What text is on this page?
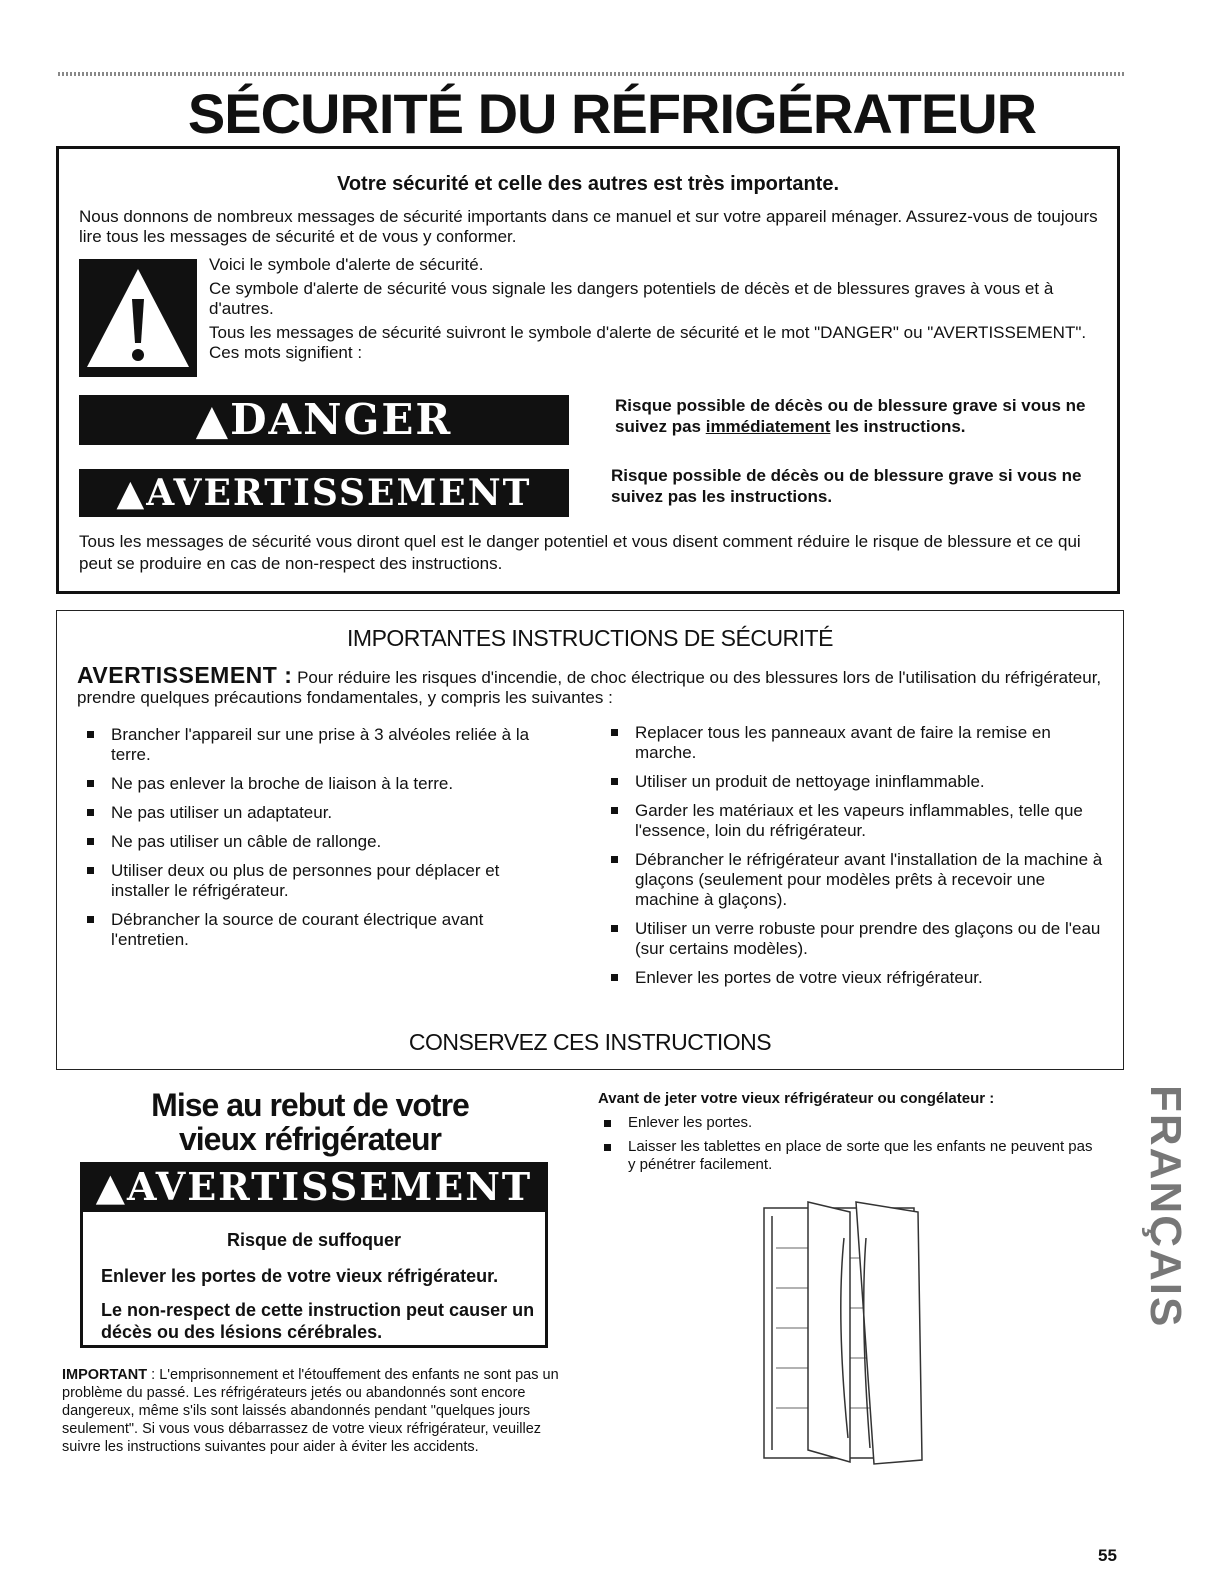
SÉCURITÉ DU RÉFRIGÉRATEUR
Votre sécurité et celle des autres est très importante.
Nous donnons de nombreux messages de sécurité importants dans ce manuel et sur votre appareil ménager. Assurez-vous de toujours lire tous les messages de sécurité et de vous y conformer.

Voici le symbole d'alerte de sécurité.

Ce symbole d'alerte de sécurité vous signale les dangers potentiels de décès et de blessures graves à vous et à d'autres.

Tous les messages de sécurité suivront le symbole d'alerte de sécurité et le mot "DANGER" ou "AVERTISSEMENT". Ces mots signifient :

▲DANGER	Risque possible de décès ou de blessure grave si vous ne suivez pas immédiatement les instructions.
▲AVERTISSEMENT	Risque possible de décès ou de blessure grave si vous ne suivez pas les instructions.
Tous les messages de sécurité vous diront quel est le danger potentiel et vous disent comment réduire le risque de blessure et ce qui peut se produire en cas de non-respect des instructions.
IMPORTANTES INSTRUCTIONS DE SÉCURITÉ
AVERTISSEMENT : Pour réduire les risques d'incendie, de choc électrique ou des blessures lors de l'utilisation du réfrigérateur, prendre quelques précautions fondamentales, y compris les suivantes :
Brancher l'appareil sur une prise à 3 alvéoles reliée à la terre.
Ne pas enlever la broche de liaison à la terre.
Ne pas utiliser un adaptateur.
Ne pas utiliser un câble de rallonge.
Utiliser deux ou plus de personnes pour déplacer et installer le réfrigérateur.
Débrancher la source de courant électrique avant l'entretien.
Replacer tous les panneaux avant de faire la remise en marche.
Utiliser un produit de nettoyage ininflammable.
Garder les matériaux et les vapeurs inflammables, telle que l'essence, loin du réfrigérateur.
Débrancher le réfrigérateur avant l'installation de la machine à glaçons (seulement pour modèles prêts à recevoir une machine à glaçons).
Utiliser un verre robuste pour prendre des glaçons ou de l'eau (sur certains modèles).
Enlever les portes de votre vieux réfrigérateur.
CONSERVEZ CES INSTRUCTIONS
Mise au rebut de votre
vieux réfrigérateur
▲AVERTISSEMENT
Risque de suffoquer
Enlever les portes de votre vieux réfrigérateur.
Le non-respect de cette instruction peut causer un décès ou des lésions cérébrales.
IMPORTANT : L'emprisonnement et l'étouffement des enfants ne sont pas un problème du passé. Les réfrigérateurs jetés ou abandonnés sont encore dangereux, même s'ils sont laissés abandonnés pendant "quelques jours seulement". Si vous vous débarrassez de votre vieux réfrigérateur, veuillez suivre les instructions suivantes pour aider à éviter les accidents.
Avant de jeter votre vieux réfrigérateur ou congélateur :
Enlever les portes.
Laisser les tablettes en place de sorte que les enfants ne peuvent pas y pénétrer facilement.	FRANÇAIS
55
